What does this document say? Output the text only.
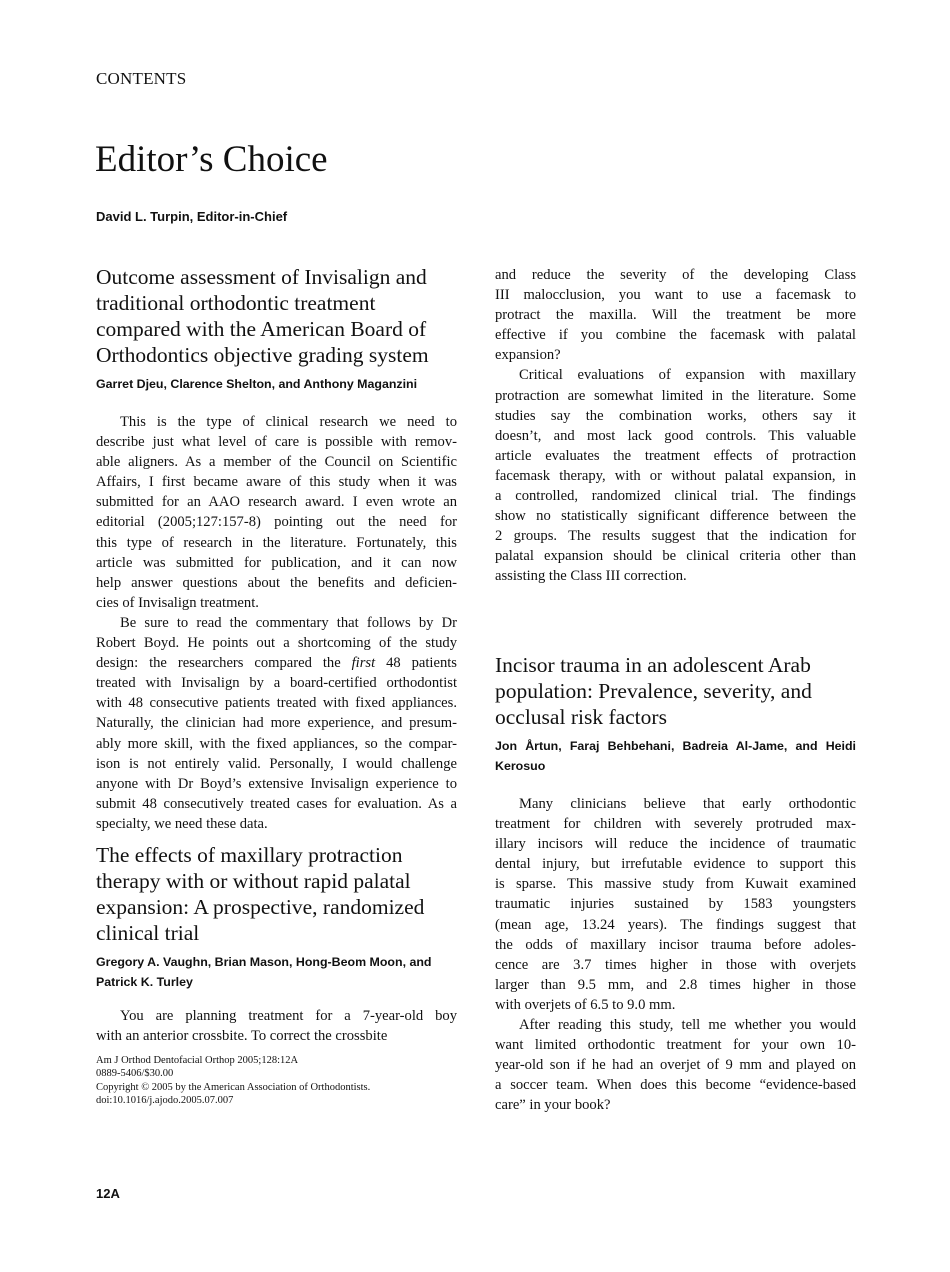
CONTENTS
Editor’s Choice
David L. Turpin, Editor-in-Chief
Outcome assessment of Invisalign and
traditional orthodontic treatment
compared with the American Board of
Orthodontics objective grading system
Garret Djeu, Clarence Shelton, and Anthony Maganzini
This is the type of clinical research we need to
describe just what level of care is possible with remov-
able aligners. As a member of the Council on Scientific
Affairs, I first became aware of this study when it was
submitted for an AAO research award. I even wrote an
editorial (2005;127:157-8) pointing out the need for
this type of research in the literature. Fortunately, this
article was submitted for publication, and it can now
help answer questions about the benefits and deficien-
cies of Invisalign treatment.
Be sure to read the commentary that follows by Dr
Robert Boyd. He points out a shortcoming of the study
design: the researchers compared the first 48 patients
treated with Invisalign by a board-certified orthodontist
with 48 consecutive patients treated with fixed appliances.
Naturally, the clinician had more experience, and presum-
ably more skill, with the fixed appliances, so the compar-
ison is not entirely valid. Personally, I would challenge
anyone with Dr Boyd’s extensive Invisalign experience to
submit 48 consecutively treated cases for evaluation. As a
specialty, we need these data.
The effects of maxillary protraction
therapy with or without rapid palatal
expansion: A prospective, randomized
clinical trial
Gregory A. Vaughn, Brian Mason, Hong-Beom Moon, and
Patrick K. Turley
You are planning treatment for a 7-year-old boy
with an anterior crossbite. To correct the crossbite
Am J Orthod Dentofacial Orthop 2005;128:12A
0889-5406/$30.00
Copyright © 2005 by the American Association of Orthodontists.
doi:10.1016/j.ajodo.2005.07.007
and reduce the severity of the developing Class
III malocclusion, you want to use a facemask to
protract the maxilla. Will the treatment be more
effective if you combine the facemask with palatal
expansion?
Critical evaluations of expansion with maxillary
protraction are somewhat limited in the literature. Some
studies say the combination works, others say it
doesn’t, and most lack good controls. This valuable
article evaluates the treatment effects of protraction
facemask therapy, with or without palatal expansion, in
a controlled, randomized clinical trial. The findings
show no statistically significant difference between the
2 groups. The results suggest that the indication for
palatal expansion should be clinical criteria other than
assisting the Class III correction.
Incisor trauma in an adolescent Arab
population: Prevalence, severity, and
occlusal risk factors
Jon Årtun, Faraj Behbehani, Badreia Al-Jame, and Heidi
Kerosuo
Many clinicians believe that early orthodontic
treatment for children with severely protruded max-
illary incisors will reduce the incidence of traumatic
dental injury, but irrefutable evidence to support this
is sparse. This massive study from Kuwait examined
traumatic injuries sustained by 1583 youngsters
(mean age, 13.24 years). The findings suggest that
the odds of maxillary incisor trauma before adoles-
cence are 3.7 times higher in those with overjets
larger than 9.5 mm, and 2.8 times higher in those
with overjets of 6.5 to 9.0 mm.
After reading this study, tell me whether you would
want limited orthodontic treatment for your own 10-
year-old son if he had an overjet of 9 mm and played on
a soccer team. When does this become “evidence-based
care” in your book?
12A
